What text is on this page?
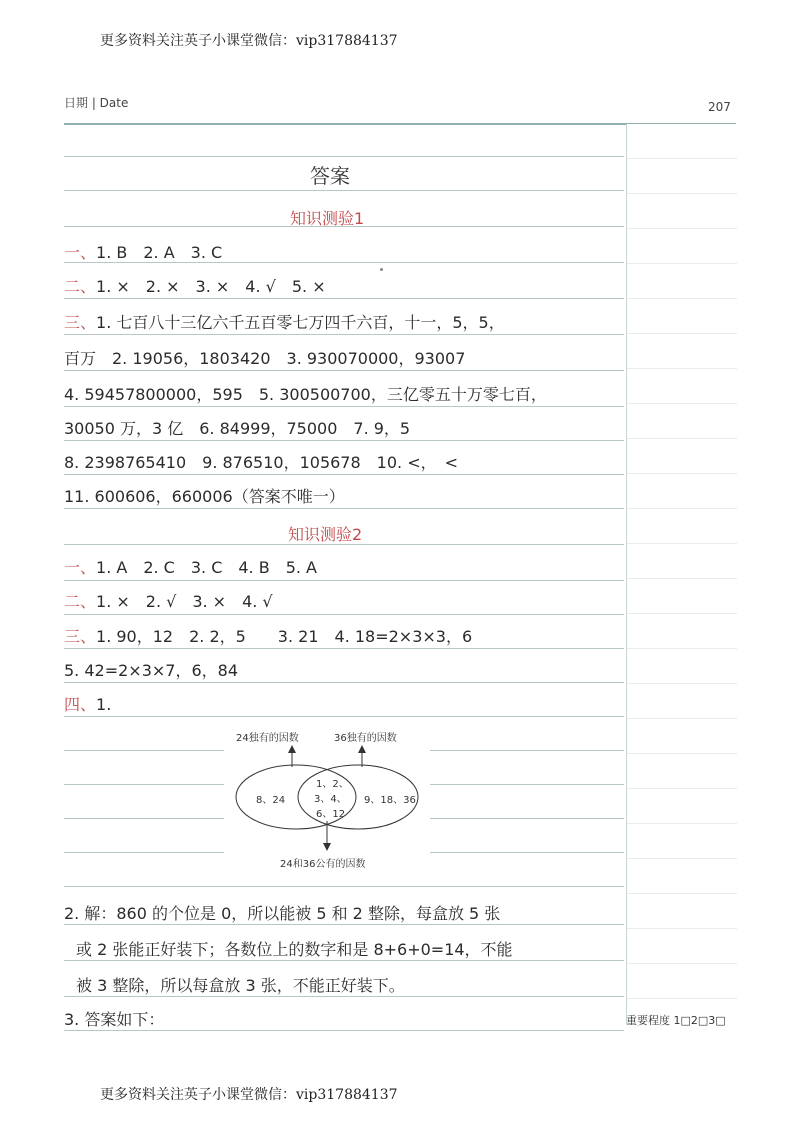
更多资料关注英子小课堂微信：vip317884137
日期 | Date	207
答案
知识测验1
一、1. B　2. A　3. C
二、1. ×　2. ×　3. ×　4. √　5. ×
三、1. 七百八十三亿六千五百零七万四千六百，十一，5，5，
百万　2. 19056，1803420　3. 930070000，93007
4. 59457800000，595　5. 300500700，三亿零五十万零七百，
30050 万，3 亿　6. 84999，75000　7. 9，5
8. 2398765410　9. 876510，105678　10. <，　<
11. 600606，660006（答案不唯一）
知识测验2
一、1. A　2. C　3. C　4. B　5. A
二、1. ×　2. √　3. ×　4. √
三、1. 90，12　2. 2，5　　3. 21　4. 18=2×3×3，6
5. 42=2×3×7，6，84
四、1.
24独有的因数	36独有的因数
8、24
1、2、
3、4、
6、12
9、18、36
24和36公有的因数
2. 解：860 的个位是 0，所以能被 5 和 2 整除，每盒放 5 张
或 2 张能正好装下；各数位上的数字和是 8+6+0=14，不能
被 3 整除，所以每盒放 3 张，不能正好装下。
3. 答案如下：	重要程度 1□2□3□
更多资料关注英子小课堂微信：vip317884137
